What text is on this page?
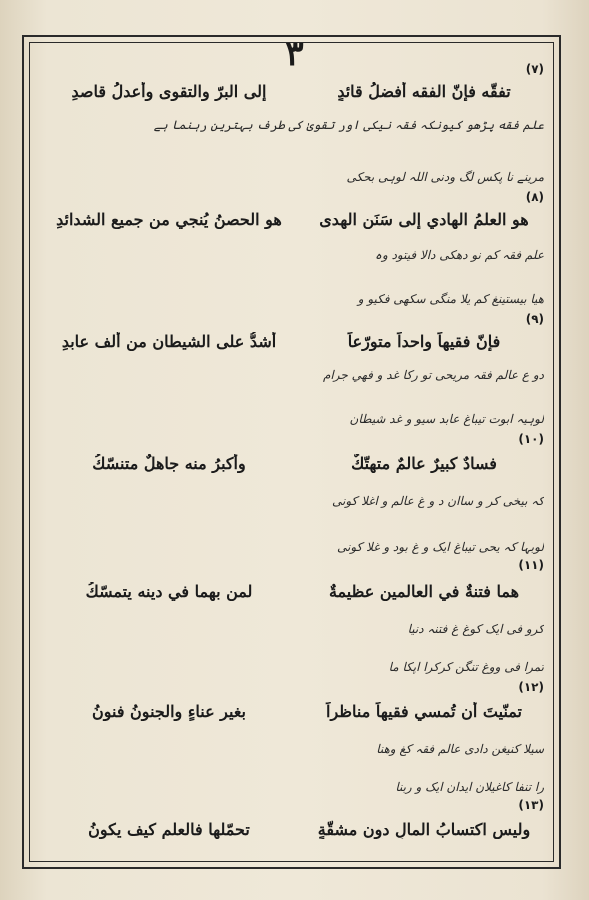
٣	(٧)
تفقّه فإنّ الفقه أفضلُ قائدٍ
إلى البرّ والتقوى وأعدلُ قاصدِ
علم فقه پڑھو کیونکہ فقہ نیکی اور تقویٰ کی طرف بہترین رہنما ہے
مرینے نا پکس لگ ودنی اللہ لوہی بحکی
(٨)
هو العلمُ الهادي إلى سَنَن الهدى
هو الحصنُ يُنجي من جميع الشدائدِ
علم فقہ کم نو دھکی دالا فیتود وہ
ھیا بیستینغ کم یلا منگی سکھی فکیو و
(٩)
فإنّ فقيهاً واحداً متورّعاً
أشدُّ على الشيطان من ألف عابدِ
دو ع عالم فقہ مریحی تو رکا غد و فهي جرام
لوہیہ ابوت تیباغ عابد سیو و غد شیطان
(١٠)
فسادٌ كبيرٌ عالمٌ متهتّكٌ
وأكبرُ منه جاهلٌ متنسّكُ
کہ بیخی کر و ساان د و غ عالم و اغلا کونی
لوبہا کہ یحی تیباغ ایک و غ بود و غلا کونی
(١١)
هما فتنةٌ في العالمين عظيمةٌ
لمن بهما في دينه يتمسّكُ
کرو فی ایک کوغ غ فتنہ دنیا
تمرا فی ووغ تنگن کرکرا اپکا ما
(١٢)
تمنّيتَ أن تُمسي فقيهاً مناظراً
بغير عناءٍ والجنونُ فنونُ
سیلا کنیغن دادی عالم فقہ کغ وهنا
را تنفا کاغیلان ایدان ایک و ربنا
(١٣)
وليس اكتسابُ المالِ دون مشقّةٍ
تحمّلها فالعلم كيف يكونُ
